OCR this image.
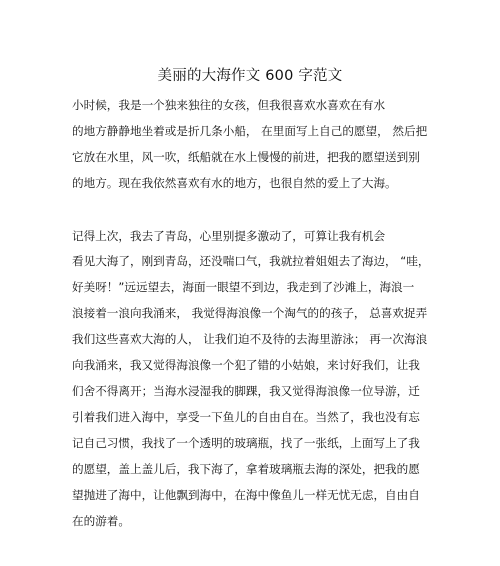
美丽的大海作文 600 字范文
小时候，我是一个独来独往的女孩，但我很喜欢水喜欢在有水
的地方静静地坐着或是折几条小船， 在里面写上自己的愿望， 然后把
它放在水里，风一吹，纸船就在水上慢慢的前进，把我的愿望送到别
的地方。现在我依然喜欢有水的地方，也很自然的爱上了大海。
记得上次，我去了青岛，心里别提多激动了，可算让我有机会
看见大海了，刚到青岛，还没喘口气，我就拉着姐姐去了海边， “哇，
好美呀！”远远望去，海面一眼望不到边，我走到了沙滩上，海浪一
浪接着一浪向我涌来， 我觉得海浪像一个淘气的的孩子， 总喜欢捉弄
我们这些喜欢大海的人， 让我们迫不及待的去海里游泳； 再一次海浪
向我涌来，我又觉得海浪像一个犯了错的小姑娘，来讨好我们，让我
们舍不得离开；当海水浸湿我的脚踝，我又觉得海浪像一位导游，迁
引着我们进入海中，享受一下鱼儿的自由自在。当然了，我也没有忘
记自己习惯，我找了一个透明的玻璃瓶，找了一张纸，上面写上了我
的愿望，盖上盖儿后，我下海了，拿着玻璃瓶去海的深处，把我的愿
望抛进了海中，让他飘到海中，在海中像鱼儿一样无忧无虑，自由自
在的游着。
